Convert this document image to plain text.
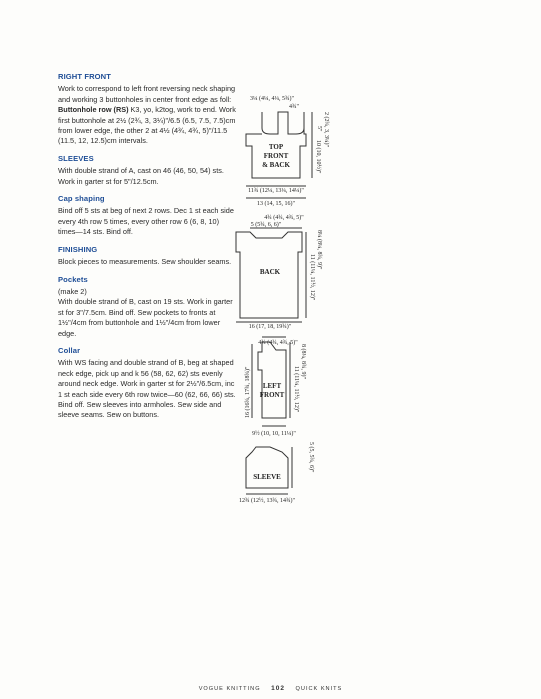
RIGHT FRONT
Work to correspond to left front reversing neck shaping and working 3 buttonholes in center front edge as foll: Buttonhole row (RS) K3, yo, k2tog, work to end. Work first buttonhole at 2½ (2¾, 3, 3¼)"/6.5 (6.5, 7.5, 7.5)cm from lower edge, the other 2 at 4½ (4¾, 4¾, 5)"/11.5 (11.5, 12, 12.5)cm intervals.
SLEEVES
With double strand of A, cast on 46 (46, 50, 54) sts. Work in garter st for 5"/12.5cm.
Cap shaping
Bind off 5 sts at beg of next 2 rows. Dec 1 st each side every 4th row 5 times, every other row 6 (6, 8, 10) times—14 sts. Bind off.
FINISHING
Block pieces to measurements. Sew shoulder seams.
Pockets
(make 2)
With double strand of B, cast on 19 sts. Work in garter st for 3"/7.5cm. Bind off. Sew pockets to fronts at 1½"/4cm from buttonhole and 1½"/4cm from lower edge.
Collar
With WS facing and double strand of B, beg at shaped neck edge, pick up and k 56 (58, 62, 62) sts evenly around neck edge. Work in garter st for 2½"/6.5cm, inc 1 st each side every 6th row twice—60 (62, 66, 66) sts. Bind off. Sew sleeves into armholes. Sew side and sleeve seams. Sew on buttons.
TOP
FRONT
& BACK
3¼ (4¼, 4¼, 5¾)"
4¾"
11¾ (12¼, 13¼, 14¼)"
13 (14, 15, 16)"
5" 2 (2¾, 3, 3¼)"
10 (10, 10½)"
BACK
4¾ (4¾, 4¾, 5)"
5 (5¾, 6, 6)"
16 (17, 18, 19¾)"
8¼ (8¼, 8¾, 9)"
11 (11¼, 11½, 12)"
LEFT
FRONT
4¾ (4¾, 4¾, 5)"
9½ (10, 10, 11¼)"
16 (16¾, 17¾, 18¾)"
8 (8¼, 8¾, 9)"
11 (11¼, 11½, 12)"
SLEEVE
5 (5, 5¾, 6)"
12¾ (12½, 13¾, 14¾)"
VOGUE KNITTING 102 QUICK KNITS
